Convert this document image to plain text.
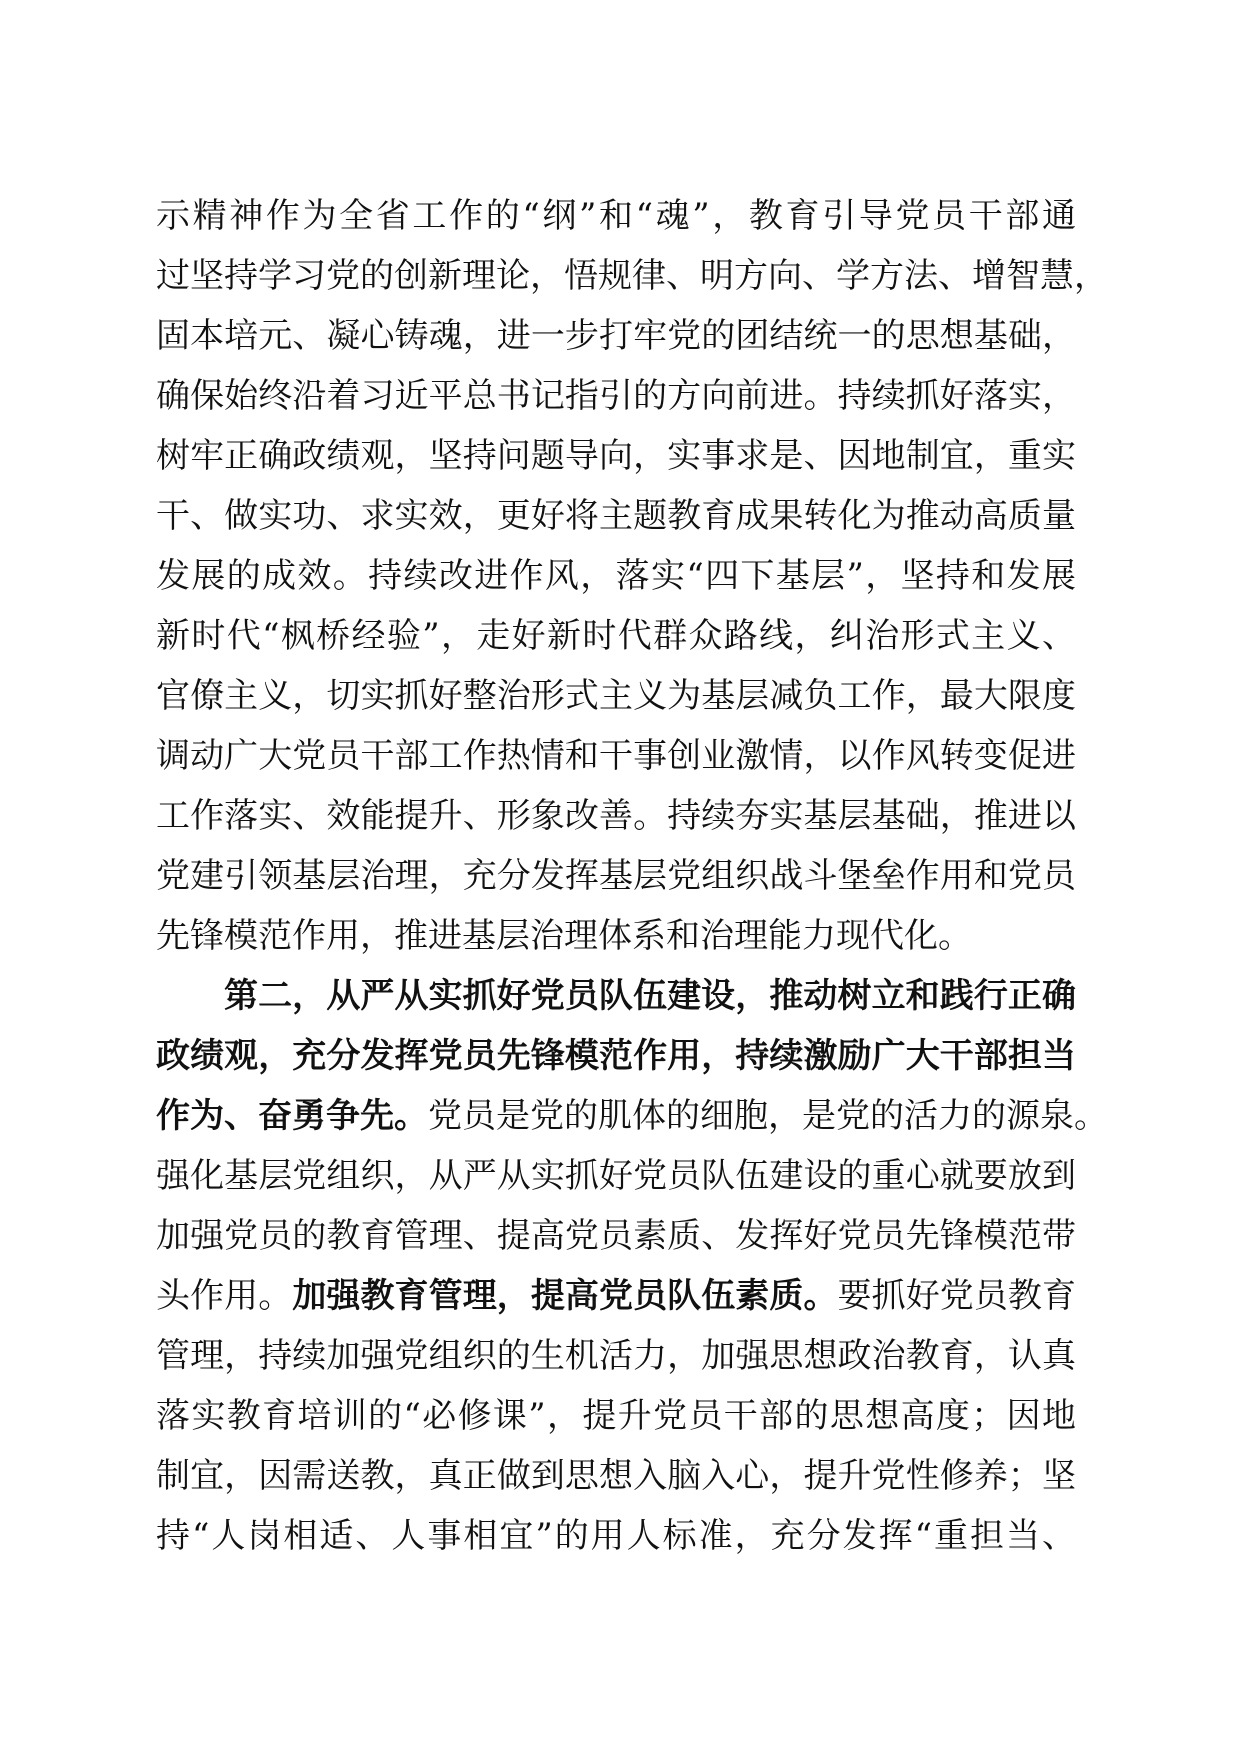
示精神作为全省工作的“纲”和“魂”，教育引导党员干部通
过坚持学习党的创新理论，悟规律、明方向、学方法、增智慧，
固本培元、凝心铸魂，进一步打牢党的团结统一的思想基础，
确保始终沿着习近平总书记指引的方向前进。持续抓好落实，
树牢正确政绩观，坚持问题导向，实事求是、因地制宜，重实
干、做实功、求实效，更好将主题教育成果转化为推动高质量
发展的成效。持续改进作风，落实“四下基层”，坚持和发展
新时代“枫桥经验”，走好新时代群众路线，纠治形式主义、
官僚主义，切实抓好整治形式主义为基层减负工作，最大限度
调动广大党员干部工作热情和干事创业激情，以作风转变促进
工作落实、效能提升、形象改善。持续夯实基层基础，推进以
党建引领基层治理，充分发挥基层党组织战斗堡垒作用和党员
先锋模范作用，推进基层治理体系和治理能力现代化。
第二，从严从实抓好党员队伍建设，推动树立和践行正确
政绩观，充分发挥党员先锋模范作用，持续激励广大干部担当
作为、奋勇争先。党员是党的肌体的细胞，是党的活力的源泉。
强化基层党组织，从严从实抓好党员队伍建设的重心就要放到
加强党员的教育管理、提高党员素质、发挥好党员先锋模范带
头作用。加强教育管理，提高党员队伍素质。要抓好党员教育
管理，持续加强党组织的生机活力，加强思想政治教育，认真
落实教育培训的“必修课”，提升党员干部的思想高度；因地
制宜，因需送教，真正做到思想入脑入心，提升党性修养；坚
持“人岗相适、人事相宜”的用人标准，充分发挥“重担当、
